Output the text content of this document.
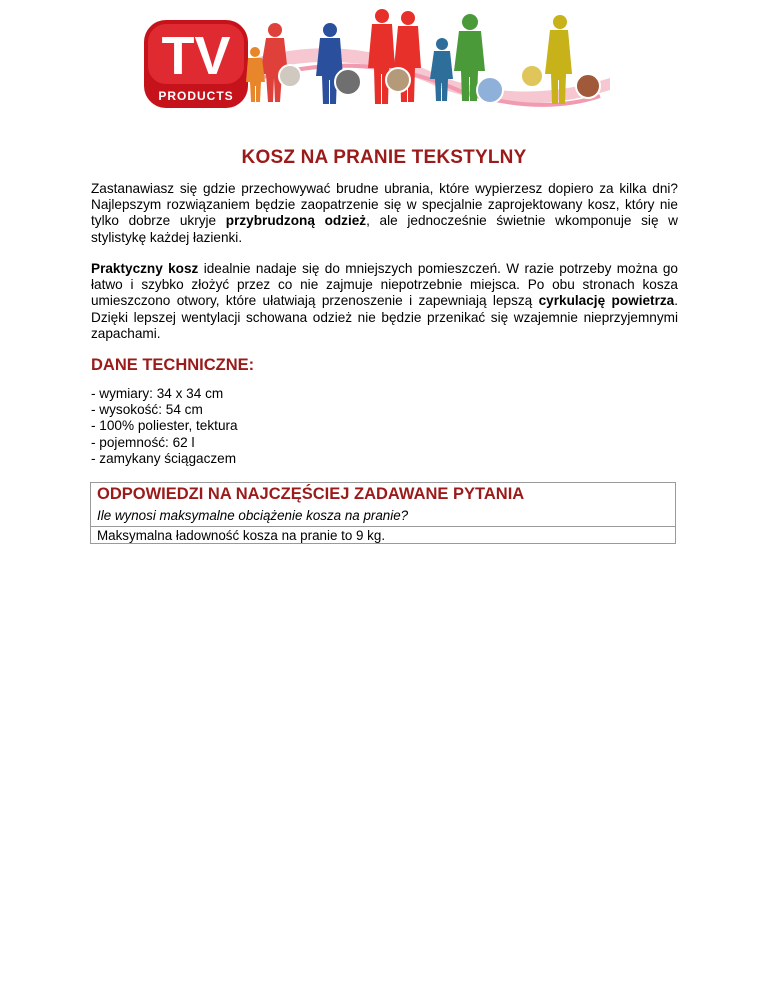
TV
PRODUCTS
KOSZ NA PRANIE TEKSTYLNY

Zastanawiasz się gdzie przechowywać brudne ubrania, które wypierzesz dopiero za kilka dni? Najlepszym rozwiązaniem będzie zaopatrzenie się w specjalnie zaprojektowany kosz, który nie tylko dobrze ukryje przybrudzoną odzież, ale jednocześnie świetnie wkomponuje się w stylistykę każdej łazienki.

Praktyczny kosz idealnie nadaje się do mniejszych pomieszczeń. W razie potrzeby można go łatwo i szybko złożyć przez co nie zajmuje niepotrzebnie miejsca. Po obu stronach kosza umieszczono otwory, które ułatwiają przenoszenie i zapewniają lepszą cyrkulację powietrza. Dzięki lepszej wentylacji schowana odzież nie będzie przenikać się wzajemnie nieprzyjemnymi zapachami.

DANE TECHNICZNE:
- wymiary: 34 x 34 cm
- wysokość: 54 cm
- 100% poliester, tektura
- pojemność: 62 l
- zamykany ściągaczem
ODPOWIEDZI NA NAJCZĘŚCIEJ ZADAWANE PYTANIA
Ile wynosi maksymalne obciążenie kosza na pranie?
Maksymalna ładowność kosza na pranie to 9 kg.
